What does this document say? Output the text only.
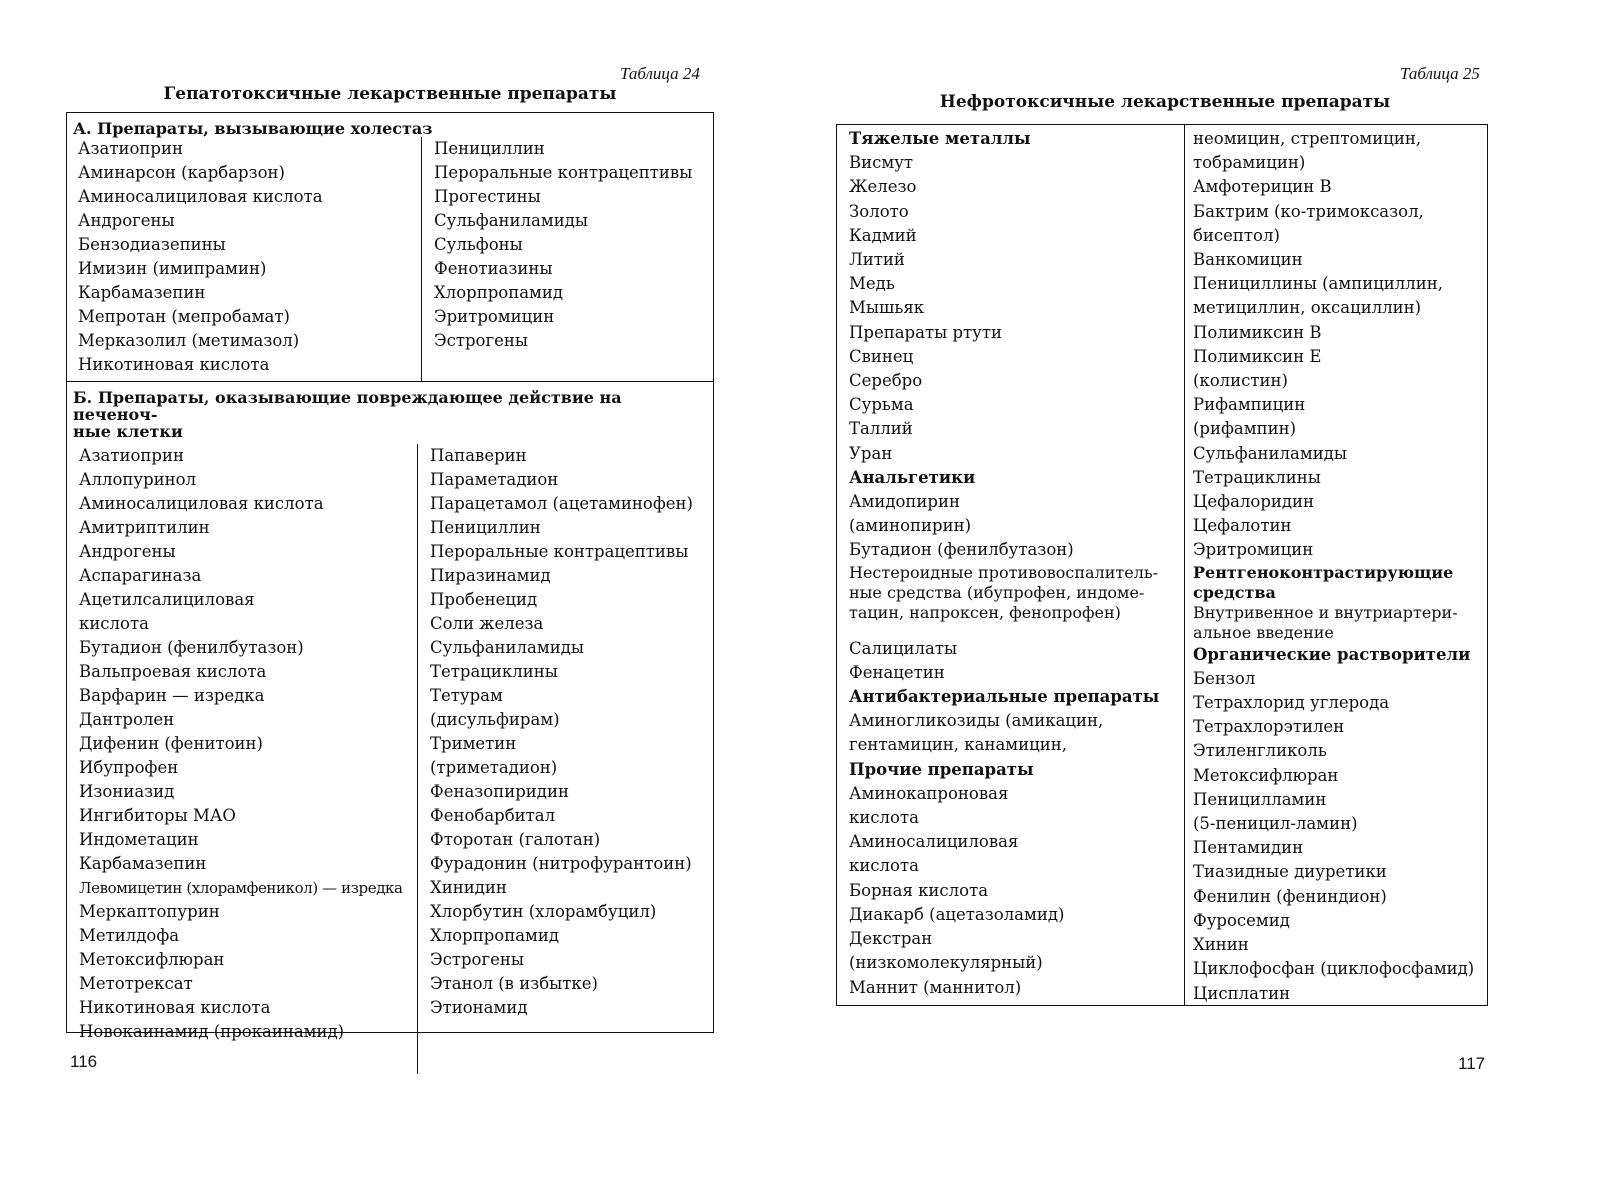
Таблица 24
Гепатотоксичные лекарственные препараты
А. Препараты, вызывающие холестаз
Азатиоприн
Аминарсон (карбарзон)
Аминосалициловая кислота
Андрогены
Бензодиазепины
Имизин (имипрамин)
Карбамазепин
Мепротан (мепробамат)
Мерказолил (метимазол)
Никотиновая кислота
Пенициллин
Пероральные контрацептивы
Прогестины
Сульфаниламиды
Сульфоны
Фенотиазины
Хлорпропамид
Эритромицин
Эстрогены
Б. Препараты, оказывающие повреждающее действие на печеноч-
ные клетки
Азатиоприн
Аллопуринол
Аминосалициловая кислота
Амитриптилин
Андрогены
Аспарагиназа
Ацетилсалициловая
кислота
Бутадион (фенилбутазон)
Вальпроевая кислота
Варфарин — изредка
Дантролен
Дифенин (фенитоин)
Ибупрофен
Изониазид
Ингибиторы МАО
Индометацин
Карбамазепин
Левомицетин (хлорамфеникол) — изредка
Меркаптопурин
Метилдофа
Метоксифлюран
Метотрексат
Никотиновая кислота
Новокаинамид (прокаинамид)
Папаверин
Параметадион
Парацетамол (ацетаминофен)
Пенициллин
Пероральные контрацептивы
Пиразинамид
Пробенецид
Соли железа
Сульфаниламиды
Тетрациклины
Тетурам
(дисульфирам)
Триметин
(триметадион)
Феназопиридин
Фенобарбитал
Фторотан (галотан)
Фурадонин (нитрофурантоин)
Хинидин
Хлорбутин (хлорамбуцил)
Хлорпропамид
Эстрогены
Этанол (в избытке)
Этионамид
116
Таблица 25
Нефротоксичные лекарственные препараты
Тяжелые металлы
Висмут
Железо
Золото
Кадмий
Литий
Медь
Мышьяк
Препараты ртути
Свинец
Серебро
Сурьма
Таллий
Уран
Анальгетики
Амидопирин
(аминопирин)
Бутадион (фенилбутазон)
Нестероидные противовоспалитель-
ные средства (ибупрофен, индоме-
тацин, напроксен, фенопрофен)
Салицилаты
Фенацетин
Антибактериальные препараты
Аминогликозиды (амикацин,
гентамицин, канамицин,
Прочие препараты
Аминокапроновая
кислота
Аминосалициловая
кислота
Борная кислота
Диакарб (ацетазоламид)
Декстран
(низкомолекулярный)
Маннит (маннитол)
неомицин, стрептомицин,
тобрамицин)
Амфотерицин В
Бактрим (ко-тримоксазол,
бисептол)
Ванкомицин
Пенициллины (ампициллин,
метициллин, оксациллин)
Полимиксин В
Полимиксин Е
(колистин)
Рифампицин
(рифампин)
Сульфаниламиды
Тетрациклины
Цефалоридин
Цефалотин
Эритромицин
Рентгеноконтрастирующие
средства
Внутривенное и внутриартери-
альное введение
Органические растворители
Бензол
Тетрахлорид углерода
Тетрахлорэтилен
Этиленгликоль
Метоксифлюран
Пеницилламин
(5-пеницил-ламин)
Пентамидин
Тиазидные диуретики
Фенилин (фениндион)
Фуросемид
Хинин
Циклофосфан (циклофосфамид)
Цисплатин
117
